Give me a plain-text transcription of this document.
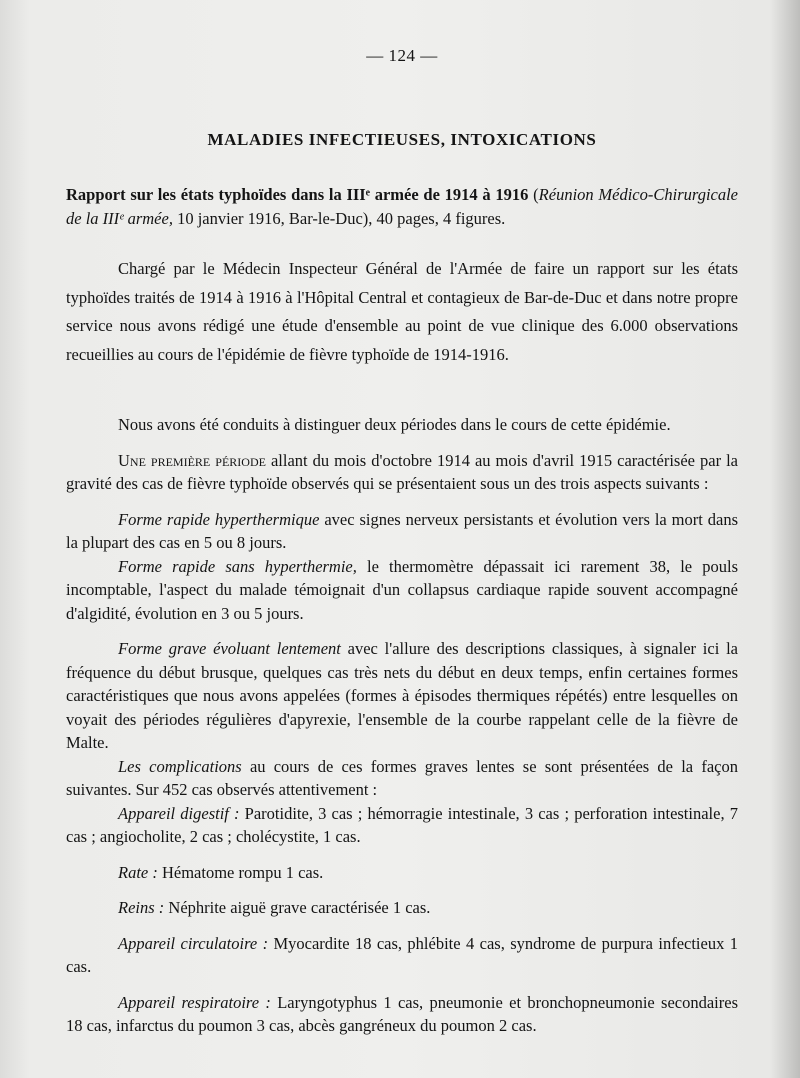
— 124 —
MALADIES INFECTIEUSES, INTOXICATIONS
Rapport sur les états typhoïdes dans la IIIᵉ armée de 1914 à 1916 (Réunion Médico-Chirurgicale de la IIIᵉ armée, 10 janvier 1916, Bar-le-Duc), 40 pages, 4 figures.

Chargé par le Médecin Inspecteur Général de l'Armée de faire un rapport sur les états typhoïdes traités de 1914 à 1916 à l'Hôpital Central et contagieux de Bar-de-Duc et dans notre propre service nous avons rédigé une étude d'ensemble au point de vue clinique des 6.000 observations recueillies au cours de l'épidémie de fièvre typhoïde de 1914-1916.

Nous avons été conduits à distinguer deux périodes dans le cours de cette épidémie.

Une première période allant du mois d'octobre 1914 au mois d'avril 1915 caractérisée par la gravité des cas de fièvre typhoïde observés qui se présentaient sous un des trois aspects suivants :

Forme rapide hyperthermique avec signes nerveux persistants et évolution vers la mort dans la plupart des cas en 5 ou 8 jours.

Forme rapide sans hyperthermie, le thermomètre dépassait ici rarement 38, le pouls incomptable, l'aspect du malade témoignait d'un collapsus cardiaque rapide souvent accompagné d'algidité, évolution en 3 ou 5 jours.

Forme grave évoluant lentement avec l'allure des descriptions classiques, à signaler ici la fréquence du début brusque, quelques cas très nets du début en deux temps, enfin certaines formes caractéristiques que nous avons appelées (formes à épisodes thermiques répétés) entre lesquelles on voyait des périodes régulières d'apyrexie, l'ensemble de la courbe rappelant celle de la fièvre de Malte.

Les complications au cours de ces formes graves lentes se sont présentées de la façon suivantes. Sur 452 cas observés attentivement :

Appareil digestif : Parotidite, 3 cas ; hémorragie intestinale, 3 cas ; perforation intestinale, 7 cas ; angiocholite, 2 cas ; cholécystite, 1 cas.

Rate : Hématome rompu 1 cas.

Reins : Néphrite aiguë grave caractérisée 1 cas.

Appareil circulatoire : Myocardite 18 cas, phlébite 4 cas, syndrome de purpura infectieux 1 cas.

Appareil respiratoire : Laryngotyphus 1 cas, pneumonie et bronchopneumonie secondaires 18 cas, infarctus du poumon 3 cas, abcès gangréneux du poumon 2 cas.
